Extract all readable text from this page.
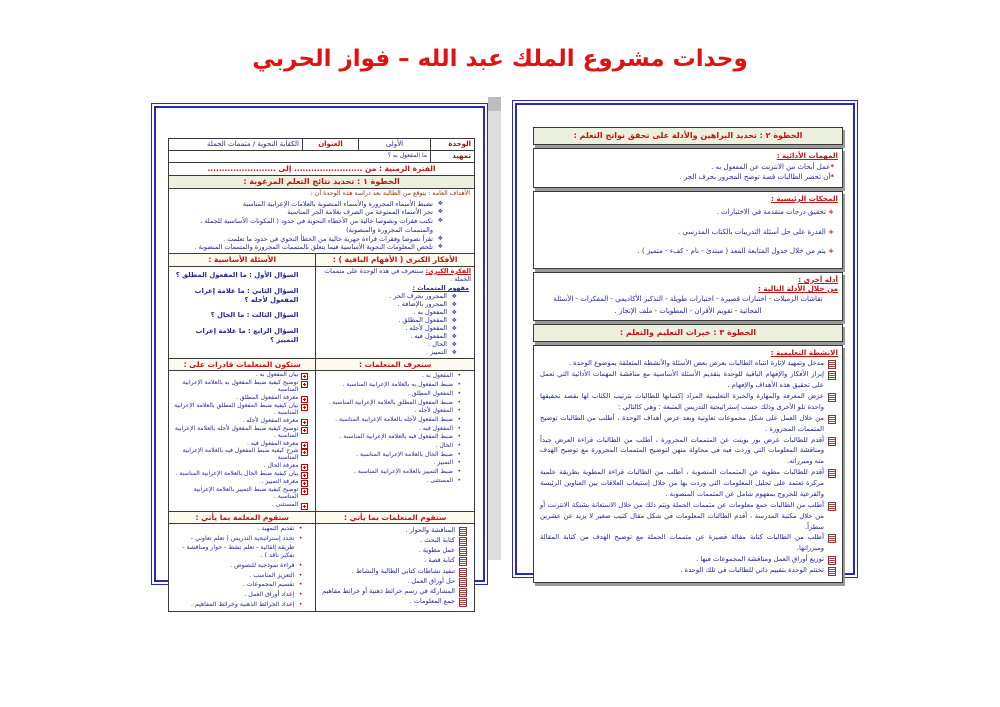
وحدات مشروع الملك عبد الله – فواز الحربي
الوحدة
الأولى
العنوان
الكفاية النحوية / متممات الجملة
تمهيد
ما المفعول به ؟
الفترة الزمنية : من ........................ إلى ........................
الخطوة ١ : تحديد نتائج التعلم المرغوبة :
الأهداف العامة : يتوقع من الطالبة بعد دراسة هذه الوحدة أن :
❖ تضبط الأسماء المجرورة والأسماء المنصوبة بالعلامات الإعرابية المناسبة
❖ تجر الأسماء الممنوعة من الصرف بعلامة الجر المناسبة
❖ تكتب فقرات ونصوصا خالية من الأخطاء النحوية في حدود ( المكونات الأساسية للجملة ، والمتممات المجرورة والمنصوبة)
❖ تقرأ نصوصا وفقرات قراءة جهرية خالية من الخطأ النحوي في حدود ما تعلمت .
❖ تلخص المعلومات النحوية الأساسية فيما يتعلق بالمتممات المجرورة والمتممات المنصوبة .
الأفكار الكبرى ( الأفهام الباقية ) :
الأسئلة الأساسية :
الفكرة الكبرى: سنتعرف في هذه الوحدة على متممات الجملة .
مفهوم المتممات :
❖ المجرور بحرف الجر .
❖ المجرور بالإضافة .
❖ المفعول به .
❖ المفعول المطلق .
❖ المفعول لأجله .
❖ المفعول فيه .
❖ الحال .
❖ التمييز .
السؤال الأول : ما المفعول المطلق ؟
السؤال الثاني : ما علامة إعراب المفعول لأجله ؟
السؤال الثالث : ما الحال ؟
السؤال الرابع : ما علامة إعراب التمييز ؟
ستعرف المتعلمات :
ستكون المتعلمات قادرات على :
• المفعول به .
• ضبط المفعول به بالعلامة الإعرابية المناسبة .
• المفعول المطلق .
• ضبط المفعول المطلق بالعلامة الإعرابية المناسبة .
• المفعول لأجله .
• ضبط المفعول لأجله بالعلامة الإعرابية المناسبة .
• المفعول فيه .
• ضبط المفعول فيه بالعلامة الإعرابية المناسبة .
• الحال .
• ضبط الحال بالعلامة الإعرابية المناسبة .
• التمييز .
• ضبط التمييز بالعلامة الإعرابية المناسبة .
• المستثنى .
بيان المفعول به .
توضيح كيفية ضبط المفعول به بالعلامة الإعرابية المناسبة
معرفة المفعول المطلق .
بيان كيفية ضبط المفعول المطلق بالعلامة الإعرابية المناسبة .
معرفة المفعول لأجله .
توضيح كيفية ضبط المفعول لأجله بالعلامة الإعرابية المناسبة .
معرفة المفعول فيه .
شرح كيفية ضبط المفعول فيه بالعلامة الإعرابية المناسبة
معرفة الحال .
بيان كيفية ضبط الحال بالعلامة الإعرابية المناسبة .
معرفة التمييز .
توضيح كيفية ضبط التمييز بالعلامة الإعرابية المناسبة .
المستثنى .
ستقوم المتعلمات بما يأتي :
ستقوم المعلمة بما يأتي :
المناقشة والحوار .
كتابة البحث .
عمل مطوية .
كتابة قصة .
تنفيذ نشاطات كتابي الطالبة والنشاط .
حل أوراق العمل .
المشاركة في رسم خرائط ذهنية أو خرائط مفاهيم
جمع المعلومات .
• تقديم التمهيد .
• تحدد إستراتيجية التدريس ( تعلم تعاوني - طريقة إلقائية - تعلم نشط - حوار ومناقشة - تفكير ناقد ) .
• قراءة نموذجية للنصوص .
• التعزيز المناسب .
• تقسيم المجموعات .
• إعداد أوراق العمل .
• إعداد الخرائط الذهنية وخرائط المفاهيم .
الخطوة ٢ : تحديد البراهين والأدلة على تحقق نواتج التعلم :
المهمات الأدائية :
*عمل أبحاث من الانترنت عن المفعول به .
*أن تحضر الطالبات قصة توضح المجرور بحرف الجر .
المحكات الرئيسية :
+ تحقيق درجات متقدمة في الاختبارات .
+ القدرة على حل أسئلة التدريبات بالكتاب المدرسي .
+ يتم من خلال جدول المتابعة المعد ( مبتدئ - نام - كفء - متميز ) .
أدلة أخرى :
من خلال الأدلة التالية :
نقاشات الزميلات - اختبارات قصيرة - اختبارات طويلة - التذكير الأكاديمي - المفكرات - الأسئلة الفجائية - تقويم الأقران - المطويات - ملف الإنجاز .
الخطوة ٣ : خبرات التعليم والتعلم :
الانشطة التعليمية :
مدخل وتمهيد لإثارة انتباه الطالبات بعرض بعض الأسئلة والأنشطة المتعلقة بموضوع الوحدة .
إبراز الأفكار والإفهام الباقية للوحدة بتقديم الأسئلة الأساسية مع مناقشة المهمات الأدائية التي تعمل على تحقيق هذه الأهداف والإفهام .
عرض المعرفة والمهارة والخبرة التعليمية المراد إكسابها للطالبات بترتيب الكتاب لها بقصد تحقيقها واحدة تلو الأخرى وذلك حسب إستراتيجية التدريس المتبعة : وهي كالتالي :
من خلال العمل على شكل مجموعات تعاونية وبعد عرض أهداف الوحدة ، أطلب من الطالبات توضيح المتممات المجرورة .
أقدم للطالبات عرض بور بوينت عن المتممات المجرورة ، أطلب من الطالبات قراءة العرض جيداً ومناقشة المعلومات التي وردت فيه في محاولة منهن لتوضيح المتممات المجرورة مع توضيح الهدف منه ومبرراته.
أقدم للطالبات مطوية عن المتممات المنصوبة ، أطلب من الطالبات قراءة المطوية بطريقة علمية مركزة تعتمد على تحليل المعلومات التي وردت بها من خلال إستيعاب العلاقات بين العناوين الرئيسة والفرعية للخروج بمفهوم شامل عن المتممات المنصوبة .
أطلب من الطالبات جمع معلومات عن متممات الجملة ويتم ذلك من خلال الاستعانة بشبكة الانترنت أو من خلال مكتبة المدرسة ، أقدم الطالبات المعلومات في شكل مقال كتيب صغير لا يزيد عن عشرين سطراً.
أطلب من الطالبات كتابة مقالة قصيرة عن متممات الجملة مع توضيح الهدف من كتابة المقالة ومبرراتها.
توزيع أوراق العمل ومناقشة المجموعات فيها .
تختتم الوحدة بتقييم ذاتي للطالبات في تلك الوحدة .
